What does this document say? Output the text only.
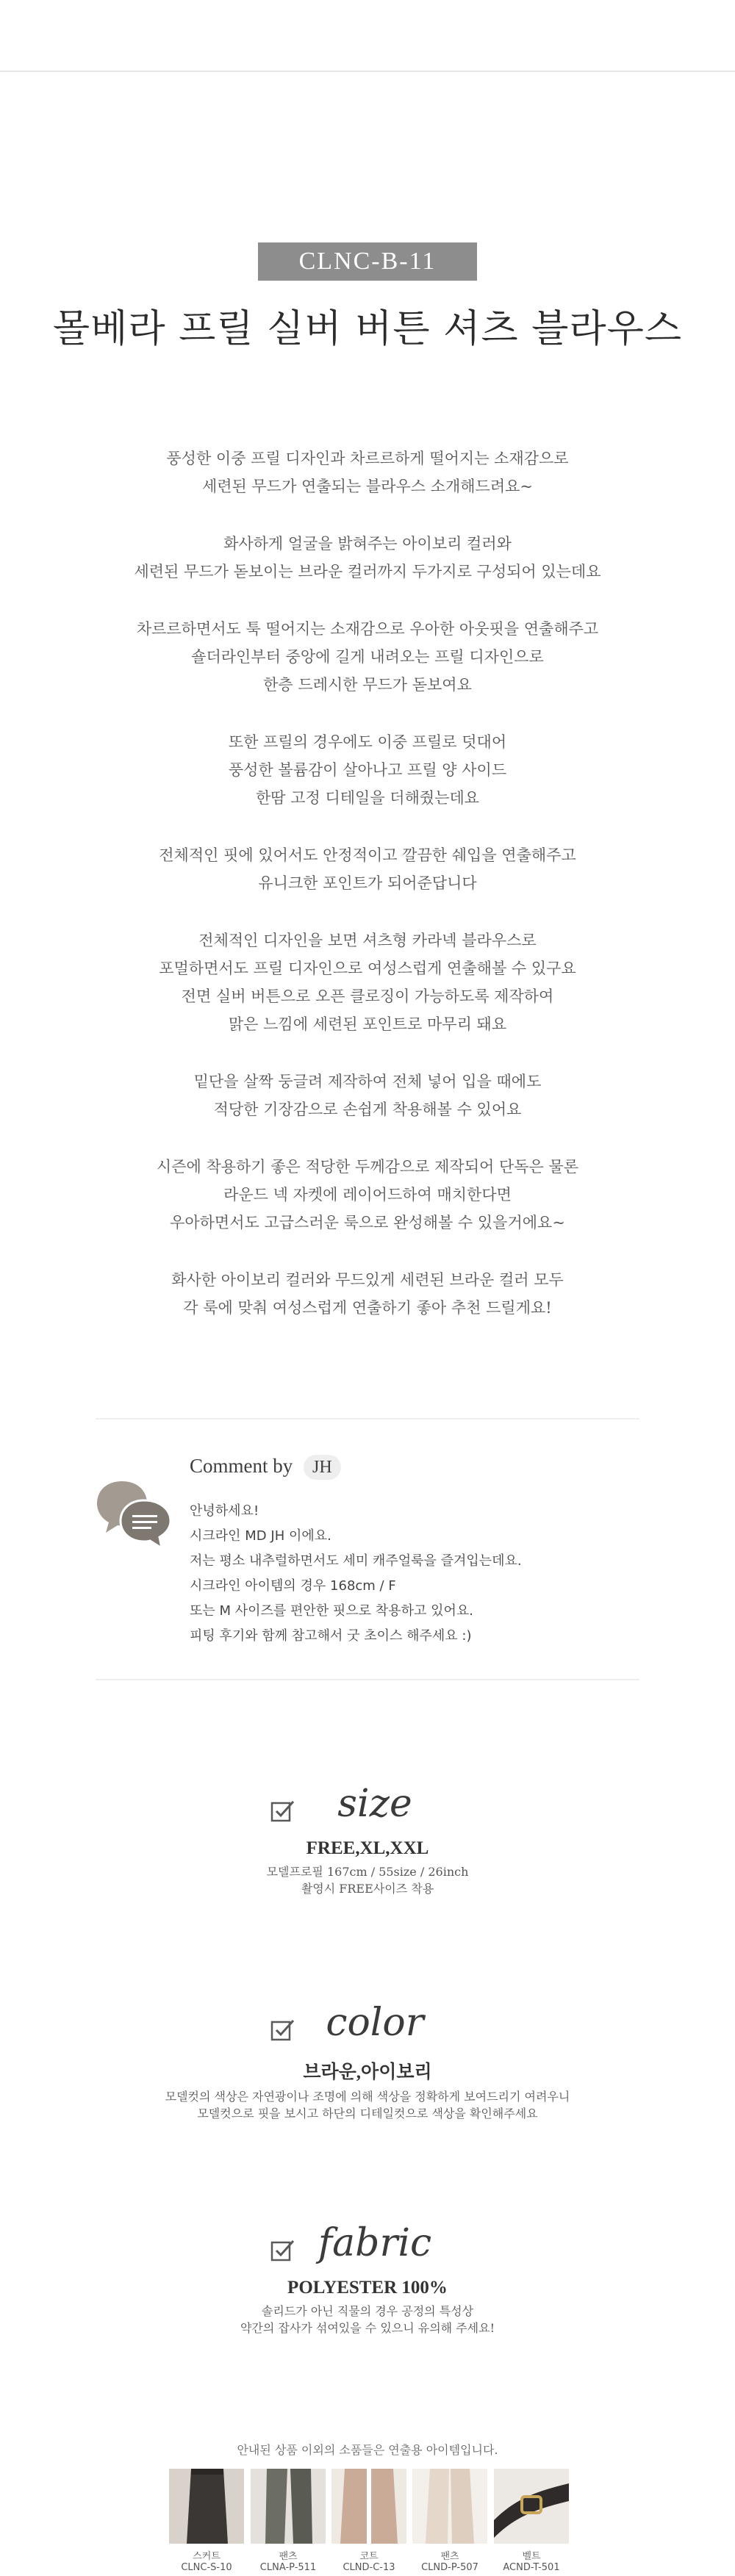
CLNC-B-11
몰베라 프릴 실버 버튼 셔츠 블라우스

풍성한 이중 프릴 디자인과 차르르하게 떨어지는 소재감으로
세련된 무드가 연출되는 블라우스 소개해드려요~

화사하게 얼굴을 밝혀주는 아이보리 컬러와
세련된 무드가 돋보이는 브라운 컬러까지 두가지로 구성되어 있는데요

차르르하면서도 툭 떨어지는 소재감으로 우아한 아웃핏을 연출해주고
숄더라인부터 중앙에 길게 내려오는 프릴 디자인으로
한층 드레시한 무드가 돋보여요

또한 프릴의 경우에도 이중 프릴로 덧대어
풍성한 볼륨감이 살아나고 프릴 양 사이드
한땀 고정 디테일을 더해줬는데요

전체적인 핏에 있어서도 안정적이고 깔끔한 쉐입을 연출해주고
유니크한 포인트가 되어준답니다

전체적인 디자인을 보면 셔츠형 카라넥 블라우스로
포멀하면서도 프릴 디자인으로 여성스럽게 연출해볼 수 있구요
전면 실버 버튼으로 오픈 클로징이 가능하도록 제작하여
맑은 느낌에 세련된 포인트로 마무리 돼요

밑단을 살짝 둥글려 제작하여 전체 넣어 입을 때에도
적당한 기장감으로 손쉽게 착용해볼 수 있어요

시즌에 착용하기 좋은 적당한 두께감으로 제작되어 단독은 물론
라운드 넥 자켓에 레이어드하여 매치한다면
우아하면서도 고급스러운 룩으로 완성해볼 수 있을거에요~

화사한 아이보리 컬러와 무드있게 세련된 브라운 컬러 모두
각 룩에 맞춰 여성스럽게 연출하기 좋아 추천 드릴게요!

Comment by JH
안녕하세요!
시크라인 MD JH 이에요.
저는 평소 내추럴하면서도 세미 캐주얼룩을 즐겨입는데요.
시크라인 아이템의 경우 168cm / F
또는 M 사이즈를 편안한 핏으로 착용하고 있어요.
피팅 후기와 함께 참고해서 굿 초이스 해주세요 :)
size
FREE,XL,XXL
모델프로필 167cm / 55size / 26inch
촬영시 FREE사이즈 착용
color
브라운,아이보리
모델컷의 색상은 자연광이나 조명에 의해 색상을 정확하게 보여드리기 여려우니
모델컷으로 핏을 보시고 하단의 디테일컷으로 색상을 확인해주세요
fabric
POLYESTER 100%
솔리드가 아닌 직물의 경우 공정의 특성상
약간의 잡사가 섞여있을 수 있으니 유의해 주세요!
안내된 상품 이외의 소품들은 연출용 아이템입니다.
스커트
CLNC-S-10
팬츠
CLNA-P-511
코트
CLND-C-13
팬츠
CLND-P-507
벨트
ACND-T-501
